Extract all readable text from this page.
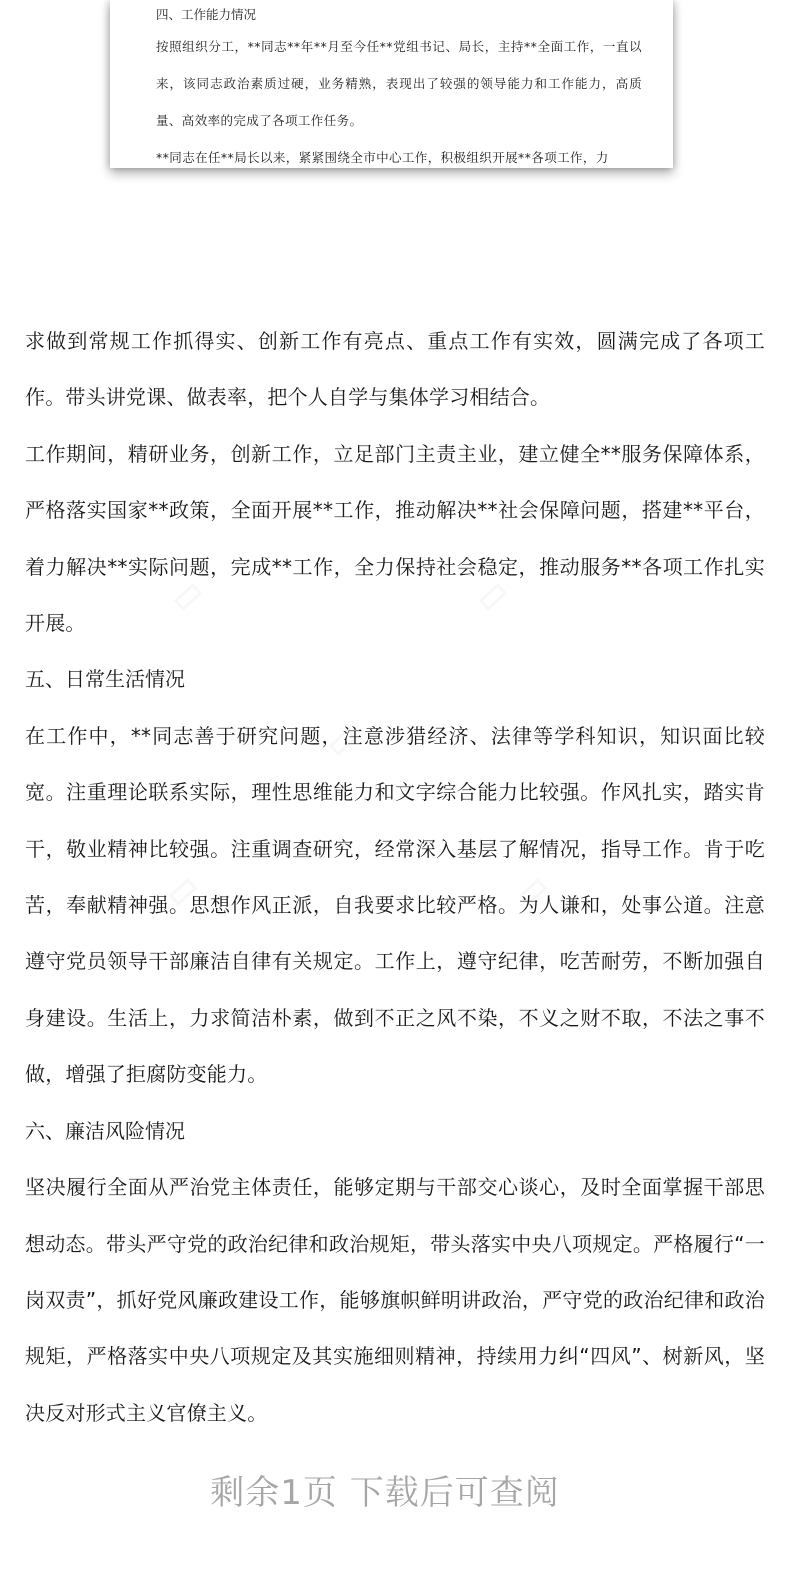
四、工作能力情况

按照组织分工，**同志**年**月至今任**党组书记、局长，主持**全面工作，一直以来，该同志政治素质过硬，业务精熟，表现出了较强的领导能力和工作能力，高质量、高效率的完成了各项工作任务。

**同志在任**局长以来，紧紧围绕全市中心工作，积极组织开展**各项工作，力

求做到常规工作抓得实、创新工作有亮点、重点工作有实效，圆满完成了各项工作。带头讲党课、做表率，把个人自学与集体学习相结合。

工作期间，精研业务，创新工作，立足部门主责主业，建立健全**服务保障体系，严格落实国家**政策，全面开展**工作，推动解决**社会保障问题，搭建**平台，着力解决**实际问题，完成**工作，全力保持社会稳定，推动服务**各项工作扎实开展。

五、日常生活情况

在工作中，**同志善于研究问题，注意涉猎经济、法律等学科知识，知识面比较宽。注重理论联系实际，理性思维能力和文字综合能力比较强。作风扎实，踏实肯干，敬业精神比较强。注重调查研究，经常深入基层了解情况，指导工作。肯于吃苦，奉献精神强。思想作风正派，自我要求比较严格。为人谦和，处事公道。注意遵守党员领导干部廉洁自律有关规定。工作上，遵守纪律，吃苦耐劳，不断加强自身建设。生活上，力求简洁朴素，做到不正之风不染，不义之财不取，不法之事不做，增强了拒腐防变能力。

六、廉洁风险情况

坚决履行全面从严治党主体责任，能够定期与干部交心谈心，及时全面掌握干部思想动态。带头严守党的政治纪律和政治规矩，带头落实中央八项规定。严格履行“一岗双责”，抓好党风廉政建设工作，能够旗帜鲜明讲政治，严守党的政治纪律和政治规矩，严格落实中央八项规定及其实施细则精神，持续用力纠“四风”、树新风，坚决反对形式主义官僚主义。

剩余1页 下载后可查阅
